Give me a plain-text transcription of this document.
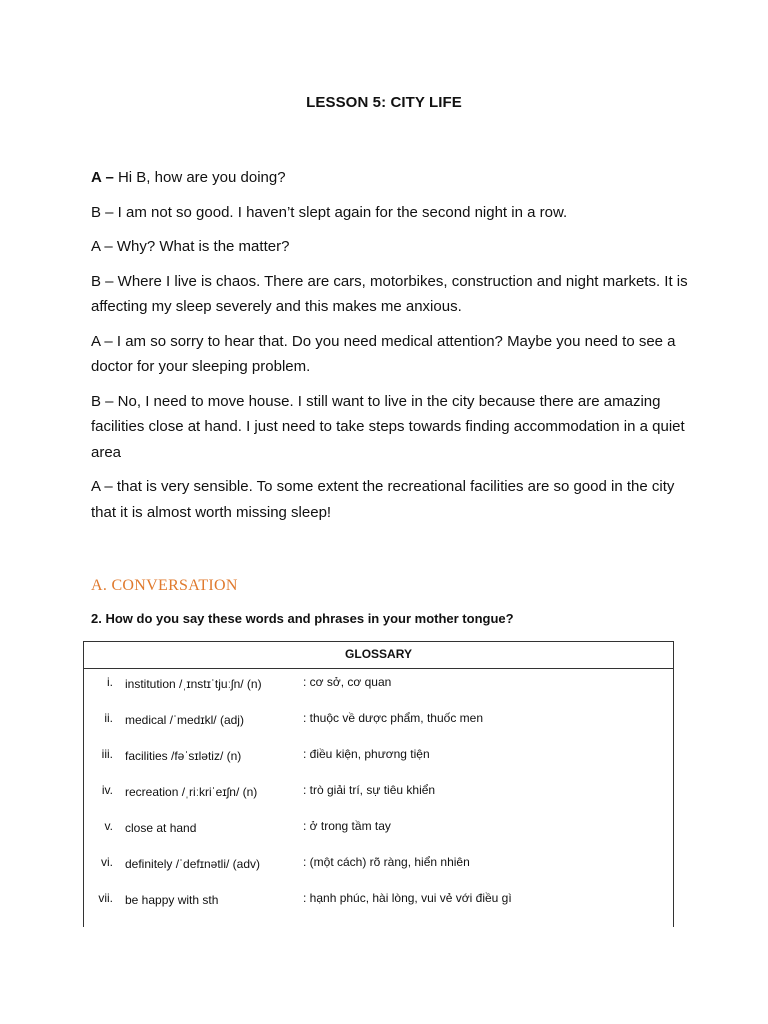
LESSON 5: CITY LIFE

A – Hi B, how are you doing?

B – I am not so good. I haven’t slept again for the second night in a row.

A – Why? What is the matter?

B – Where I live is chaos. There are cars, motorbikes, construction and night markets. It is affecting my sleep severely and this makes me anxious.

A – I am so sorry to hear that. Do you need medical attention? Maybe you need to see a doctor for your sleeping problem.

B – No, I need to move house. I still want to live in the city because there are amazing facilities close at hand. I just need to take steps towards finding accommodation in a quiet area

A – that is very sensible. To some extent the recreational facilities are so good in the city that it is almost worth missing sleep!

A. CONVERSATION
2. How do you say these words and phrases in your mother tongue?
GLOSSARY
i. institution /ˌɪnstɪˈtjuːʃn/ (n)	: cơ sở, cơ quan
ii. medical /ˈmedɪkl/ (adj)	: thuộc về dược phẩm, thuốc men
iii. facilities /fəˈsɪlətiz/ (n)	: điều kiện, phương tiện
iv. recreation /ˌriːkriˈeɪʃn/ (n)	: trò giải trí, sự tiêu khiển
v. close at hand	: ở trong tầm tay
vi. definitely /ˈdefɪnətli/ (adv)	: (một cách) rõ ràng, hiển nhiên
vii. be happy with sth	: hạnh phúc, hài lòng, vui vẻ với điều gì
